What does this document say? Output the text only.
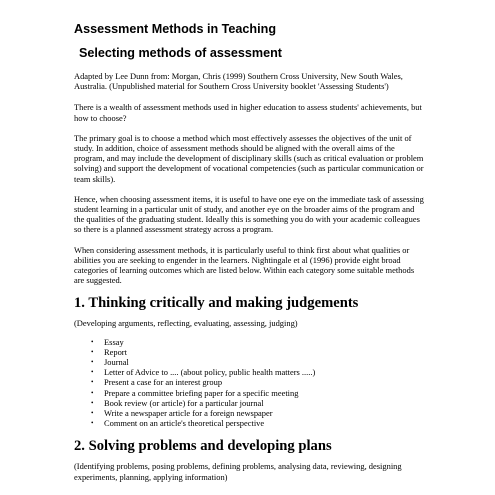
Assessment Methods in Teaching
Selecting methods of assessment

Adapted by Lee Dunn from: Morgan, Chris (1999) Southern Cross University, New South Wales, Australia. (Unpublished material for Southern Cross University booklet 'Assessing Students')

There is a wealth of assessment methods used in higher education to assess students' achievements, but how to choose?

The primary goal is to choose a method which most effectively assesses the objectives of the unit of study. In addition, choice of assessment methods should be aligned with the overall aims of the program, and may include the development of disciplinary skills (such as critical evaluation or problem solving) and support the development of vocational competencies (such as particular communication or team skills).

Hence, when choosing assessment items, it is useful to have one eye on the immediate task of assessing student learning in a particular unit of study, and another eye on the broader aims of the program and the qualities of the graduating student. Ideally this is something you do with your academic colleagues so there is a planned assessment strategy across a program.

When considering assessment methods, it is particularly useful to think first about what qualities or abilities you are seeking to engender in the learners. Nightingale et al (1996) provide eight broad categories of learning outcomes which are listed below. Within each category some suitable methods are suggested.

1. Thinking critically and making judgements

(Developing arguments, reflecting, evaluating, assessing, judging)

• Essay
• Report
• Journal
• Letter of Advice to .... (about policy, public health matters .....)
• Present a case for an interest group
• Prepare a committee briefing paper for a specific meeting
• Book review (or article) for a particular journal
• Write a newspaper article for a foreign newspaper
• Comment on an article's theoretical perspective
2. Solving problems and developing plans

(Identifying problems, posing problems, defining problems, analysing data, reviewing, designing experiments, planning, applying information)
